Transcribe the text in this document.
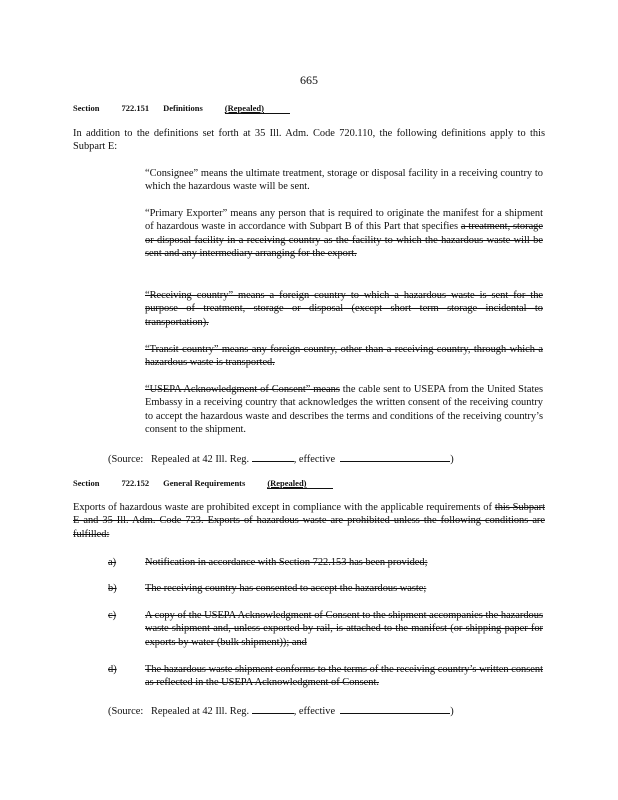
665
Section	722.151 Definitions	(Repealed)
In addition to the definitions set forth at 35 Ill. Adm. Code 720.110, the following definitions apply to this Subpart E:
“Consignee” means the ultimate treatment, storage or disposal facility in a receiving country to which the hazardous waste will be sent.
“Primary Exporter” means any person that is required to originate the manifest for a shipment of hazardous waste in accordance with Subpart B of this Part that specifies a treatment, storage or disposal facility in a receiving country as the facility to which the hazardous waste will be sent and any intermediary arranging for the export.
“Receiving country” means a foreign country to which a hazardous waste is sent for the purpose of treatment, storage or disposal (except short term storage incidental to transportation).
“Transit country” means any foreign country, other than a receiving country, through which a hazardous waste is transported.
“USEPA Acknowledgment of Consent” means the cable sent to USEPA from the United States Embassy in a receiving country that acknowledges the written consent of the receiving country to accept the hazardous waste and describes the terms and conditions of the receiving country’s consent to the shipment.
(Source: Repealed at 42 Ill. Reg.	, effective	)
Section	722.152 General Requirements	(Repealed)
Exports of hazardous waste are prohibited except in compliance with the applicable requirements of this Subpart E and 35 Ill. Adm. Code 723. Exports of hazardous waste are prohibited unless the following conditions are fulfilled:
a)	Notification in accordance with Section 722.153 has been provided;
b)	The receiving country has consented to accept the hazardous waste;
c)	A copy of the USEPA Acknowledgment of Consent to the shipment accompanies the hazardous waste shipment and, unless exported by rail, is attached to the manifest (or shipping paper for exports by water (bulk shipment)); and
d)	The hazardous waste shipment conforms to the terms of the receiving country’s written consent as reflected in the USEPA Acknowledgment of Consent.
(Source: Repealed at 42 Ill. Reg.	, effective	)
